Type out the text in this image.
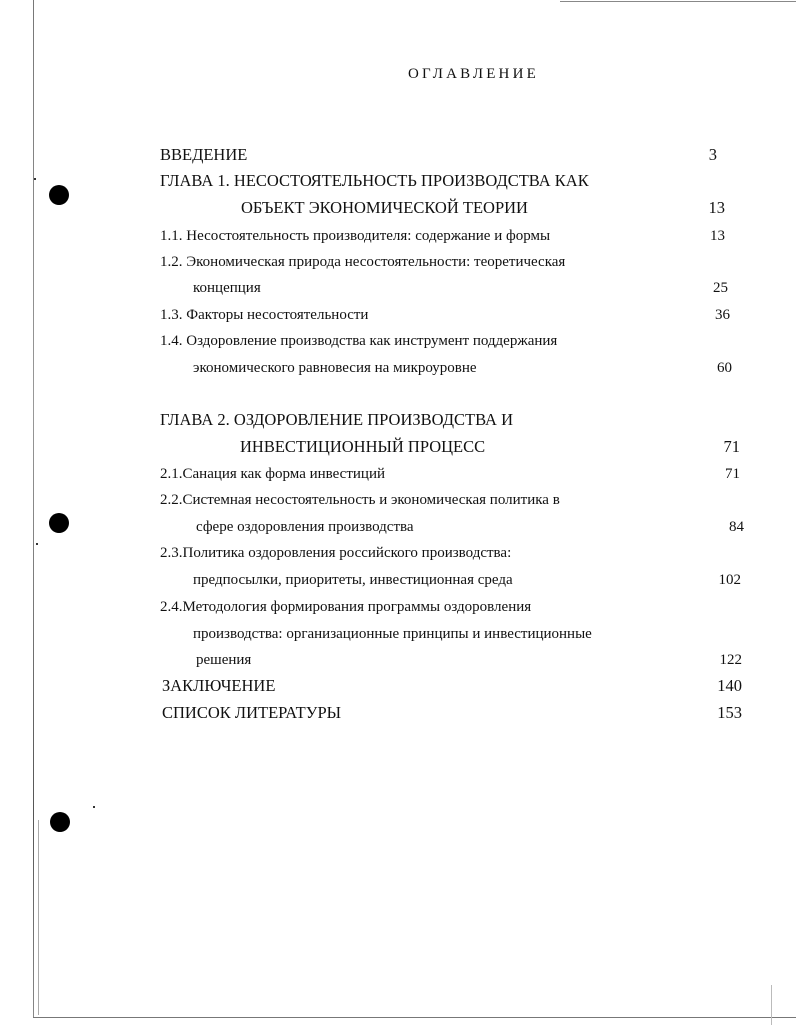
ОГЛАВЛЕНИЕ
ВВЕДЕНИЕ	3
ГЛАВА 1. НЕСОСТОЯТЕЛЬНОСТЬ ПРОИЗВОДСТВА КАК
ОБЪЕКТ ЭКОНОМИЧЕСКОЙ ТЕОРИИ	13
1.1. Несостоятельность производителя: содержание и формы	13
1.2. Экономическая природа несостоятельности: теоретическая
концепция	25
1.3. Факторы несостоятельности	36
1.4. Оздоровление производства как инструмент поддержания
экономического равновесия на микроуровне	60
ГЛАВА 2. ОЗДОРОВЛЕНИЕ ПРОИЗВОДСТВА И
ИНВЕСТИЦИОННЫЙ ПРОЦЕСС	71
2.1.Санация как форма инвестиций	71
2.2.Системная несостоятельность и экономическая политика в
сфере оздоровления производства	84
2.3.Политика оздоровления российского производства:
предпосылки, приоритеты, инвестиционная среда	102
2.4.Методология формирования программы оздоровления
производства: организационные принципы и инвестиционные
решения	122
ЗАКЛЮЧЕНИЕ	140
СПИСОК ЛИТЕРАТУРЫ	153
